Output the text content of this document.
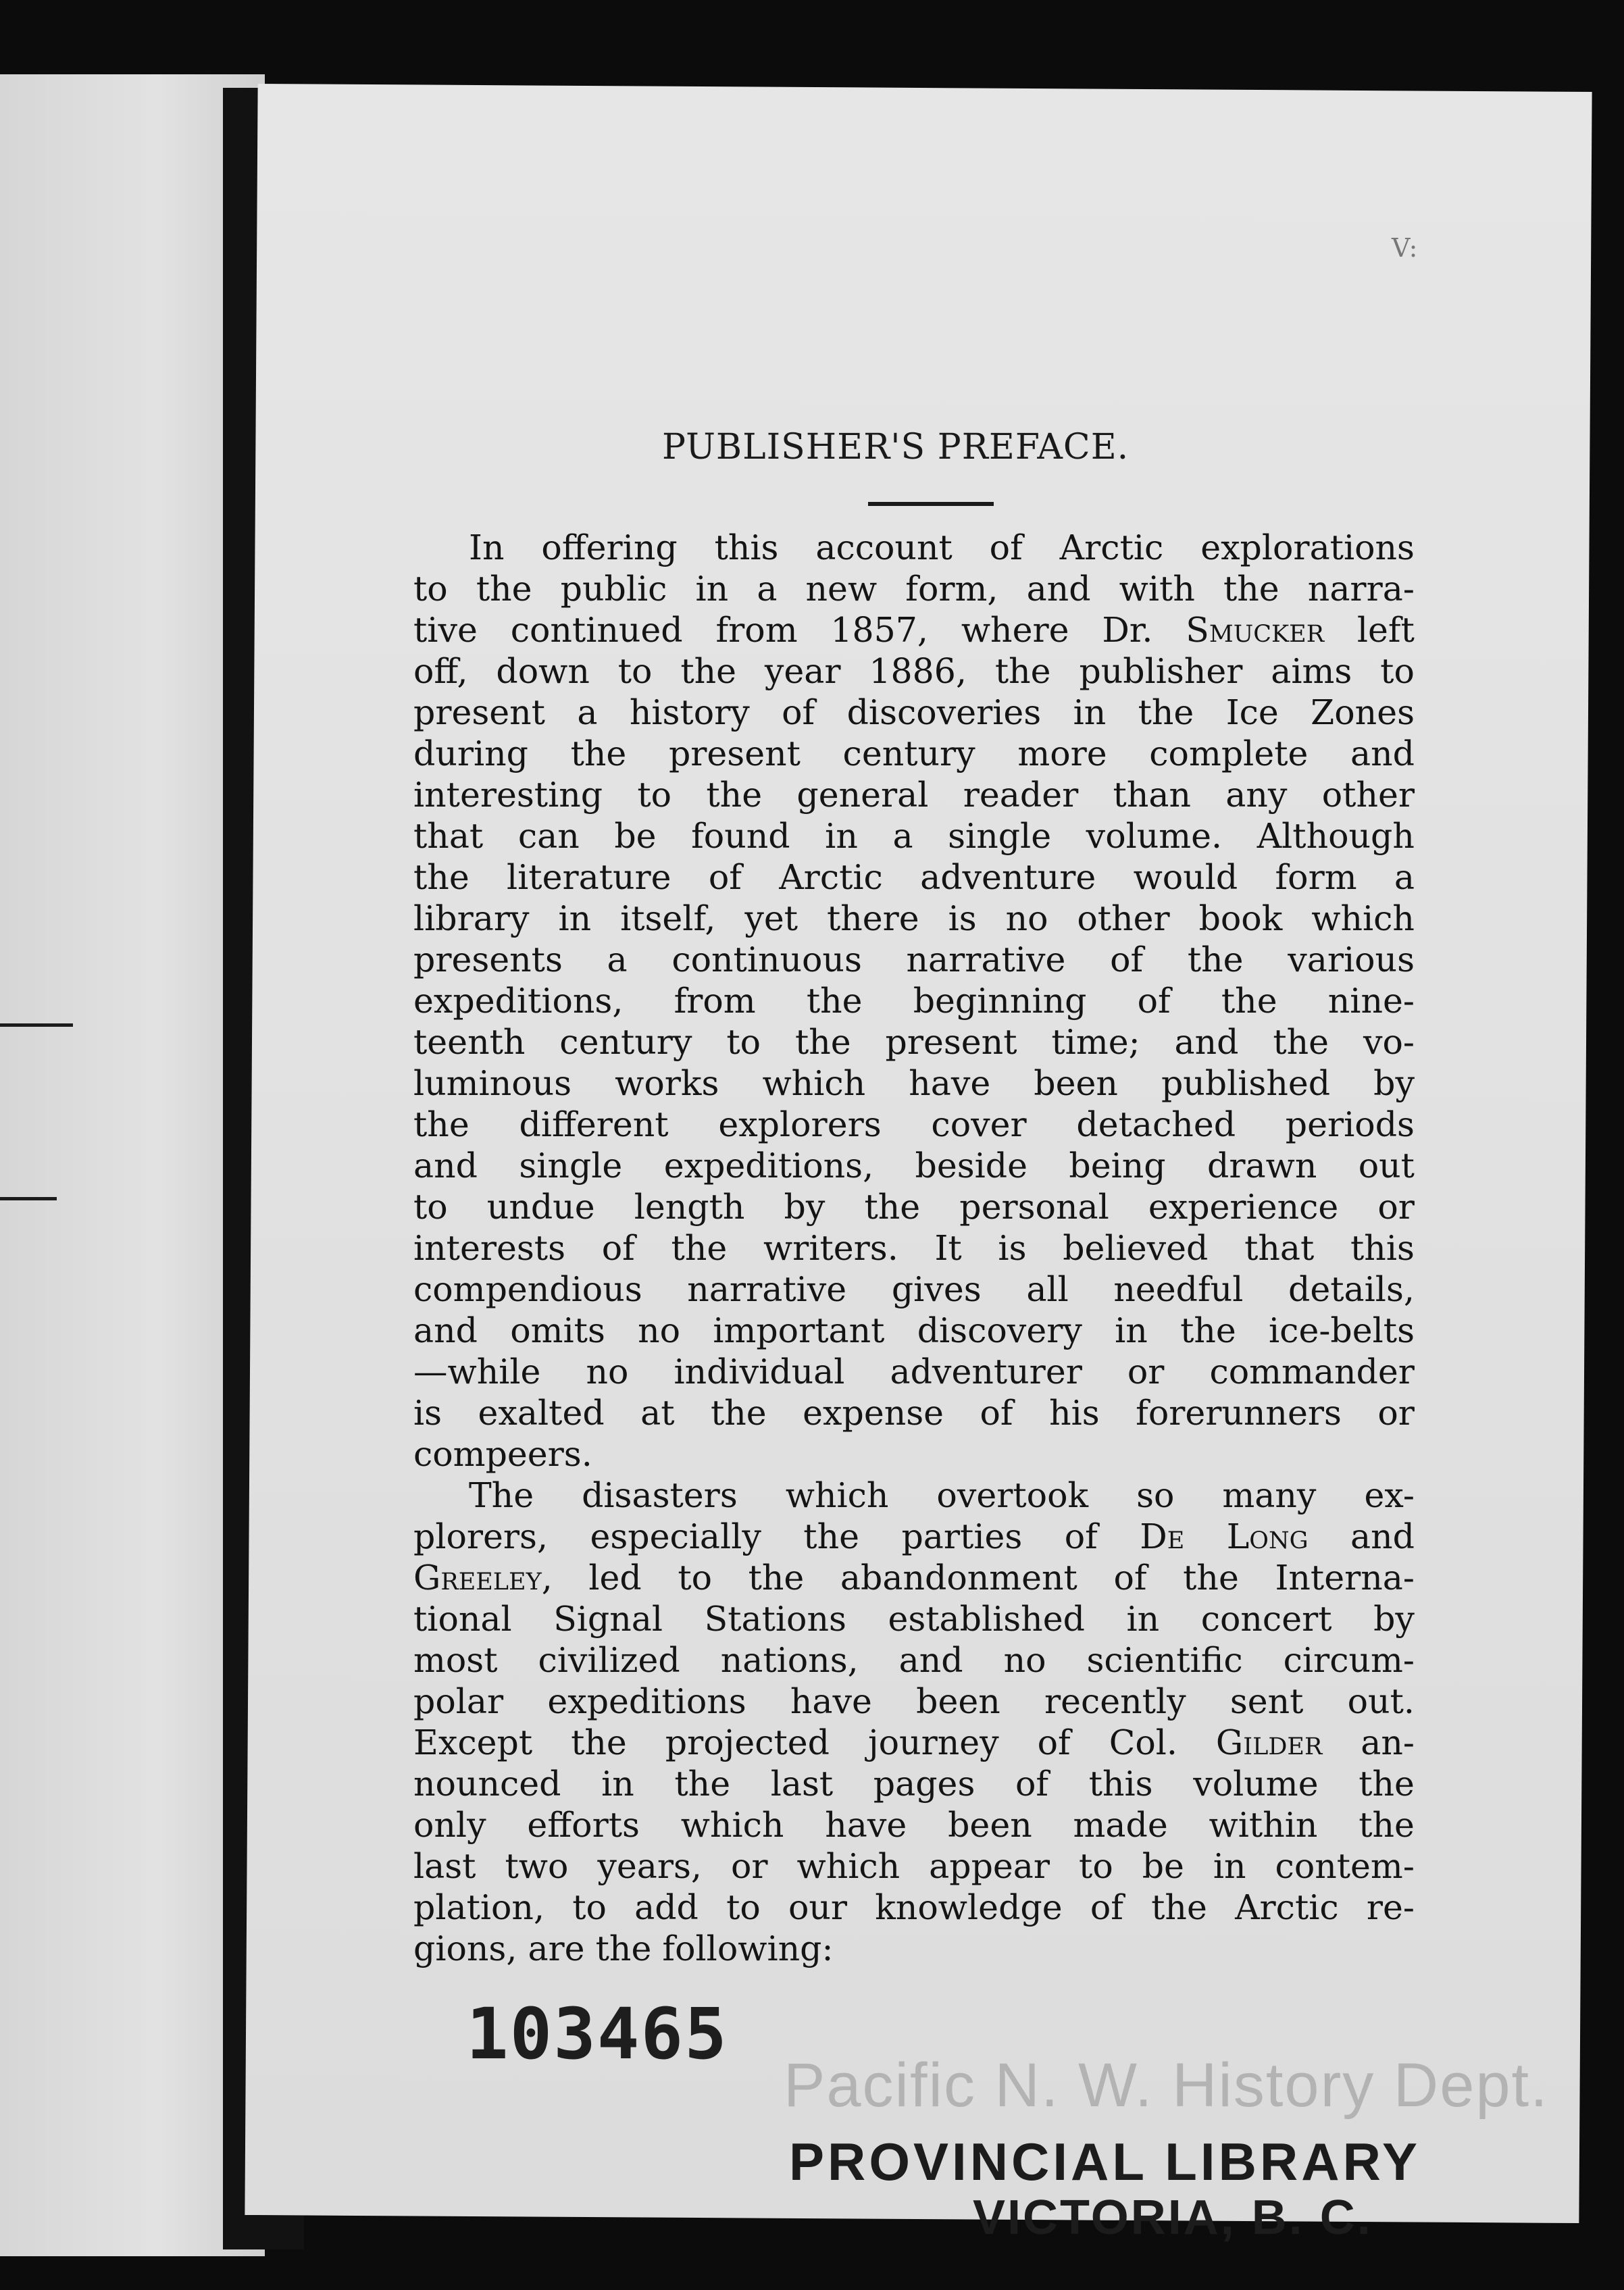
V:
PUBLISHER'S PREFACE.
In offering this account of Arctic explorations
to the public in a new form, and with the narra-
tive continued from 1857, where Dr. Smucker left
off, down to the year 1886, the publisher aims to
present a history of discoveries in the Ice Zones
during the present century more complete and
interesting to the general reader than any other
that can be found in a single volume. Although
the literature of Arctic adventure would form a
library in itself, yet there is no other book which
presents a continuous narrative of the various
expeditions, from the beginning of the nine-
teenth century to the present time; and the vo-
luminous works which have been published by
the different explorers cover detached periods
and single expeditions, beside being drawn out
to undue length by the personal experience or
interests of the writers. It is believed that this
compendious narrative gives all needful details,
and omits no important discovery in the ice-belts
—while no individual adventurer or commander
is exalted at the expense of his forerunners or
compeers.
The disasters which overtook so many ex-
plorers, especially the parties of De Long and
Greeley, led to the abandonment of the Interna-
tional Signal Stations established in concert by
most civilized nations, and no scientific circum-
polar expeditions have been recently sent out.
Except the projected journey of Col. Gilder an-
nounced in the last pages of this volume the
only efforts which have been made within the
last two years, or which appear to be in contem-
plation, to add to our knowledge of the Arctic re-
gions,
are
the
following:
103465
Pacific N. W. History Dept.
PROVINCIAL LIBRARY
VICTORIA, B. C.
